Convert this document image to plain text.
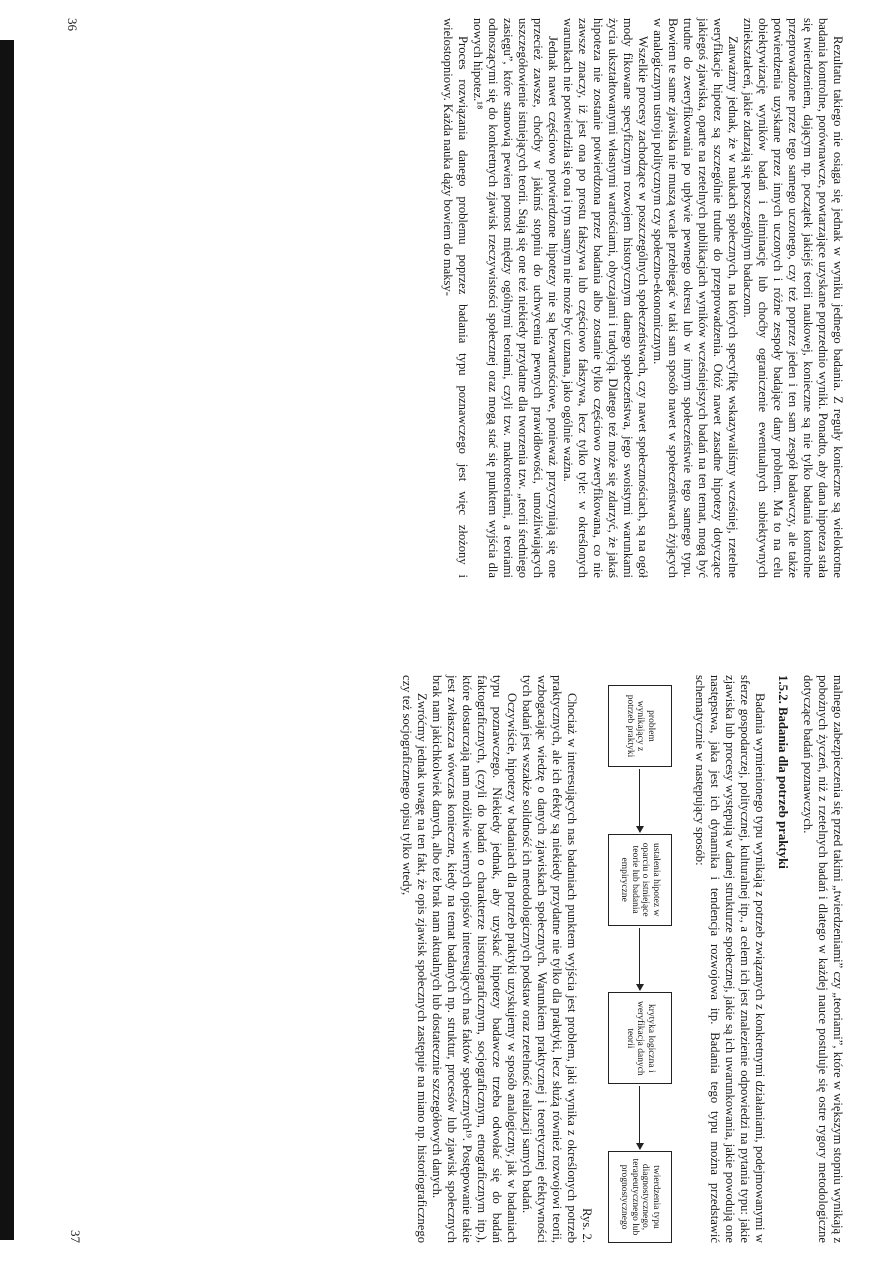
Rezultatu takiego nie osiąga się jednak w wyniku jednego badania. Z reguły konieczne są wielokrotne badania kontrolne, porównawcze, powtarzające uzyskane poprzednio wyniki. Ponadto, aby dana hipoteza stała się twierdzeniem, dającym np. początek jakiejś teorii naukowej, konieczne są nie tylko badania kontrolne przeprowadzone przez tego samego uczonego, czy też poprzez jeden i ten sam zespół badawczy, ale także potwierdzenia uzyskane przez innych uczonych i różne zespoły badające dany problem. Ma to na celu obiektywizację wyników badań i eliminację lub choćby ograniczenie ewentualnych subiektywnych zniekształceń, jakie zdarzają się poszczególnym badaczom.

Zauważmy jednak, że w naukach społecznych, na których specyfikę wskazywaliśmy wcześniej, rzetelne weryfikacje hipotez są szczególnie trudne do przeprowadzenia. Otóż nawet zasadne hipotezy dotyczące jakiegoś zjawiska, oparte na rzetelnych publikacjach wyników wcześniejszych badań na ten temat, mogą być trudne do zweryfikowania po upływie pewnego okresu lub w innym społeczeństwie tego samego typu. Bowiem te same zjawiska nie muszą wcale przebiegać w taki sam sposób nawet w społeczeństwach żyjących w analogicznym ustroju politycznym czy społeczno-ekonomicznym.

Wszelkie procesy zachodzące w poszczególnych społeczeństwach, czy nawet społecznościach, są na ogół mody fikowane specyficznym rozwojem historycznym danego społeczeństwa, jego swoistymi warunkami życia ukształtowanymi własnymi wartościami, obyczajami i tradycją. Dlatego też może się zdarzyć, że jakaś hipoteza nie zostanie potwierdzona przez badania albo zostanie tylko częściowo zweryfikowana, co nie zawsze znaczy, iż jest ona po prostu fałszywa lub częściowo fałszywa, lecz tylko tyle: w określonych warunkach nie potwierdziła się ona i tym samym nie może być uznana, jako ogólnie ważna.

Jednak nawet częściowo potwierdzone hipotezy nie są bezwartościowe, ponieważ przyczyniają się one przecież zawsze, choćby w jakimś stopniu do uchwycenia pewnych prawidłowości, umożliwiających uszczegółowienie istniejących teorii. Stają się one też niekiedy przydatne dla tworzenia tzw. „teorii średniego zasięgu”, które stanowią pewien pomost między ogólnymi teoriami, czyli tzw. makroteoriami, a teoriami odnoszącymi się do konkretnych zjawisk rzeczywistości społecznej oraz mogą stać się punktem wyjścia dla nowych hipotez.¹⁸

Proces rozwiązania danego problemu poprzez badania typu poznawczego jest więc złożony i wielostopniowy. Każda nauka dąży bowiem do maksy-

36

malnego zabezpieczenia się przed takimi „twierdzeniami” czy „teoriami”, które w większym stopniu wynikają z pobożnych życzeń, niż z rzetelnych badań i dlatego w każdej nauce postuluje się ostre rygory metodologiczne dotyczące badań poznawczych.

1.5.2. Badania dla potrzeb praktyki

Badania wymienionego typu wynikają z potrzeb związanych z konkretnymi działaniami, podejmowanymi w sferze gospodarczej, politycznej, kulturalnej itp., a celem ich jest znalezienie odpowiedzi na pytania typu: jakie zjawiska lub procesy występują w danej strukturze społecznej, jakie są ich uwarunkowania, jakie powodują one następstwa, jaka jest ich dynamika i tendencja rozwojowa itp. Badania tego typu można przedstawić schematycznie w następujący sposób:

problem wynikający z potrzeb praktyki
ustalenia hipotez w oparciu o istniejące teorie lub badania empiryczne
krytyka logiczna i weryfikacja danych teorii
twierdzenia typu diagnostycznego, terapeutycznego lub prognostycznego
Rys. 2.

Chociaż w interesujących nas badaniach punktem wyjścia jest problem, jaki wynika z określonych potrzeb praktycznych, ale ich efekty są niekiedy przydatne nie tylko dla praktyki, lecz służą również rozwojowi teorii, wzbogacając wiedzę o danych zjawiskach społecznych. Warunkiem praktycznej i teoretycznej efektywności tych badań jest wszakże solidność ich metodologicznych podstaw oraz rzetelność realizacji samych badań.

Oczywiście, hipotezy w badaniach dla potrzeb praktyki uzyskujemy w sposób analogiczny, jak w badaniach typu poznawczego. Niekiedy jednak, aby uzyskać hipotezy badawcze trzeba odwołać się do badań faktograficznych, (czyli do badań o charakterze historiograficznym, socjograficznym, etnograficznym itp.), które dostarczają nam możliwie wiernych opisów interesujących nas faktów społecznych¹⁹. Postępowanie takie jest zwłaszcza wówczas konieczne, kiedy na temat badanych np. struktur, procesów lub zjawisk społecznych brak nam jakichkolwiek danych, albo też brak nam aktualnych lub dostatecznie szczegółowych danych.

Zwróćmy jednak uwagę na ten fakt, że opis zjawisk społecznych zastępuje na miano np. historiograficznego czy też socjograficznego opisu tylko wtedy,

37
